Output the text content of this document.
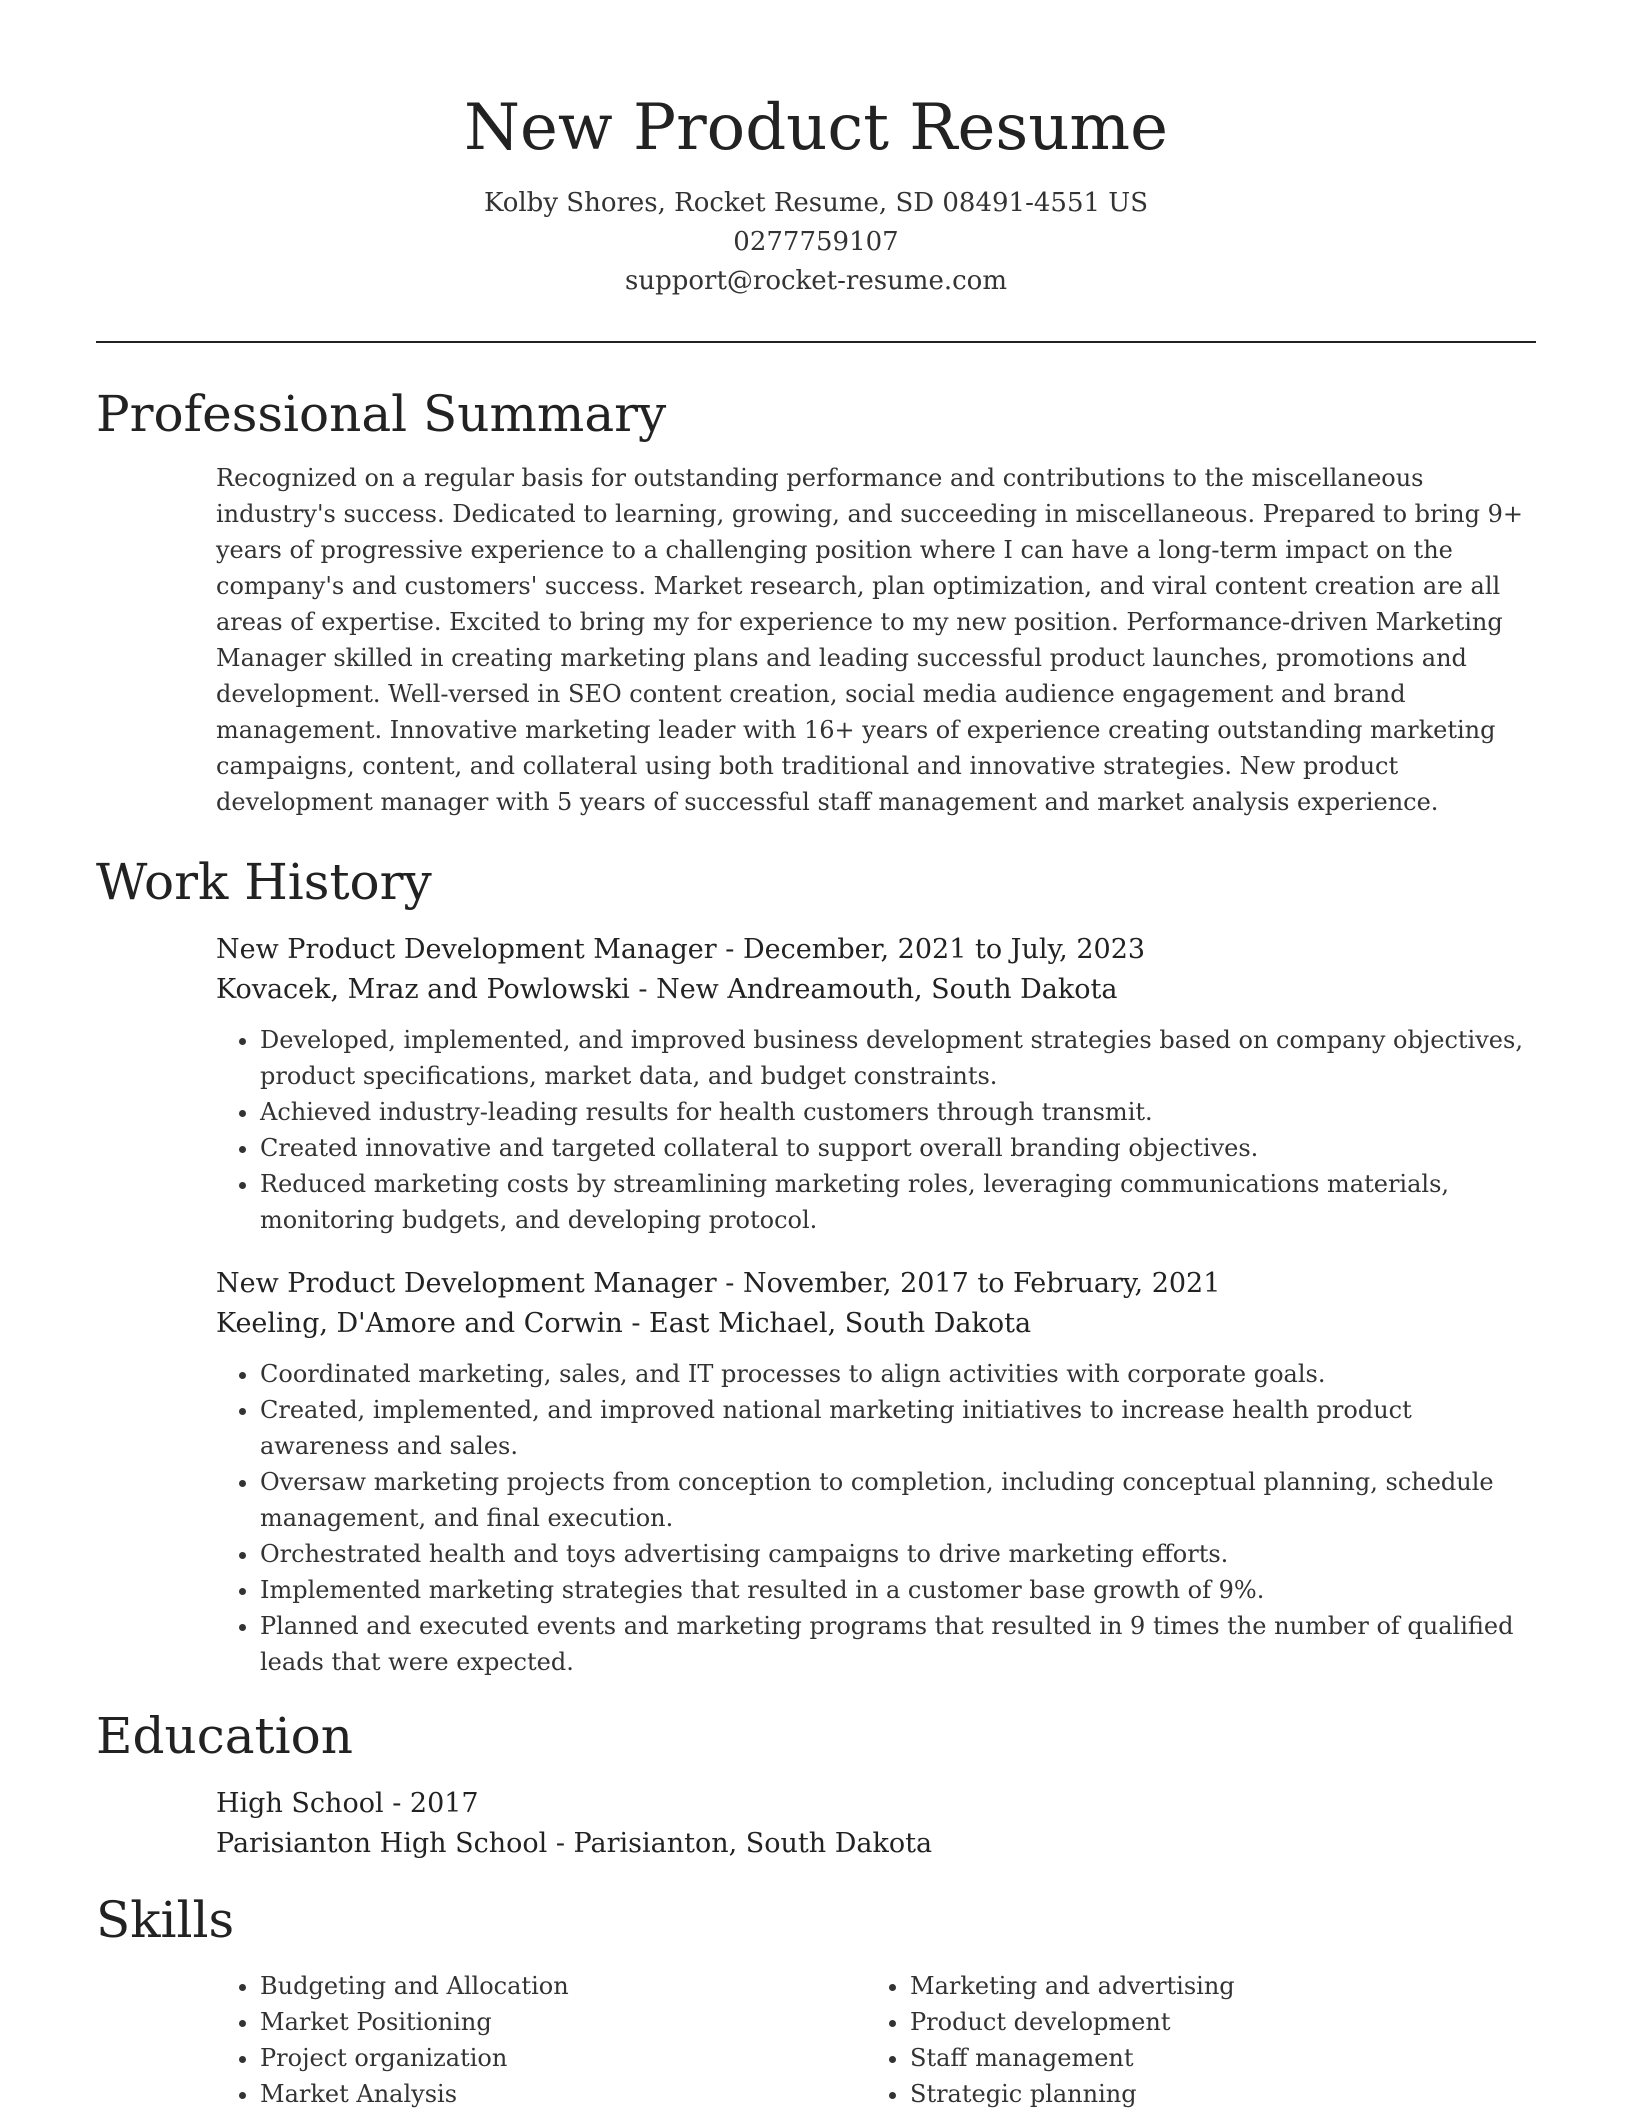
New Product Resume
Kolby Shores, Rocket Resume, SD 08491-4551 US
0277759107
support@rocket-resume.com
Professional Summary

Recognized on a regular basis for outstanding performance and contributions to the miscellaneous industry's success. Dedicated to learning, growing, and succeeding in miscellaneous. Prepared to bring 9+ years of progressive experience to a challenging position where I can have a long-term impact on the company's and customers' success. Market research, plan optimization, and viral content creation are all areas of expertise. Excited to bring my for experience to my new position. Performance-driven Marketing Manager skilled in creating marketing plans and leading successful product launches, promotions and development. Well-versed in SEO content creation, social media audience engagement and brand management. Innovative marketing leader with 16+ years of experience creating outstanding marketing campaigns, content, and collateral using both traditional and innovative strategies. New product development manager with 5 years of successful staff management and market analysis experience.

Work History
New Product Development Manager - December, 2021 to July, 2023
Kovacek, Mraz and Powlowski - New Andreamouth, South Dakota
• Developed, implemented, and improved business development strategies based on company objectives, product specifications, market data, and budget constraints.
• Achieved industry-leading results for health customers through transmit.
• Created innovative and targeted collateral to support overall branding objectives.
• Reduced marketing costs by streamlining marketing roles, leveraging communications materials, monitoring budgets, and developing protocol.
New Product Development Manager - November, 2017 to February, 2021
Keeling, D'Amore and Corwin - East Michael, South Dakota
• Coordinated marketing, sales, and IT processes to align activities with corporate goals.
• Created, implemented, and improved national marketing initiatives to increase health product awareness and sales.
• Oversaw marketing projects from conception to completion, including conceptual planning, schedule management, and final execution.
• Orchestrated health and toys advertising campaigns to drive marketing efforts.
• Implemented marketing strategies that resulted in a customer base growth of 9%.
• Planned and executed events and marketing programs that resulted in 9 times the number of qualified leads that were expected.
Education
High School - 2017
Parisianton High School - Parisianton, South Dakota
Skills
• Budgeting and Allocation
• Market Positioning
• Project organization
• Market Analysis
• Marketing and advertising
• Product development
• Staff management
• Strategic planning
